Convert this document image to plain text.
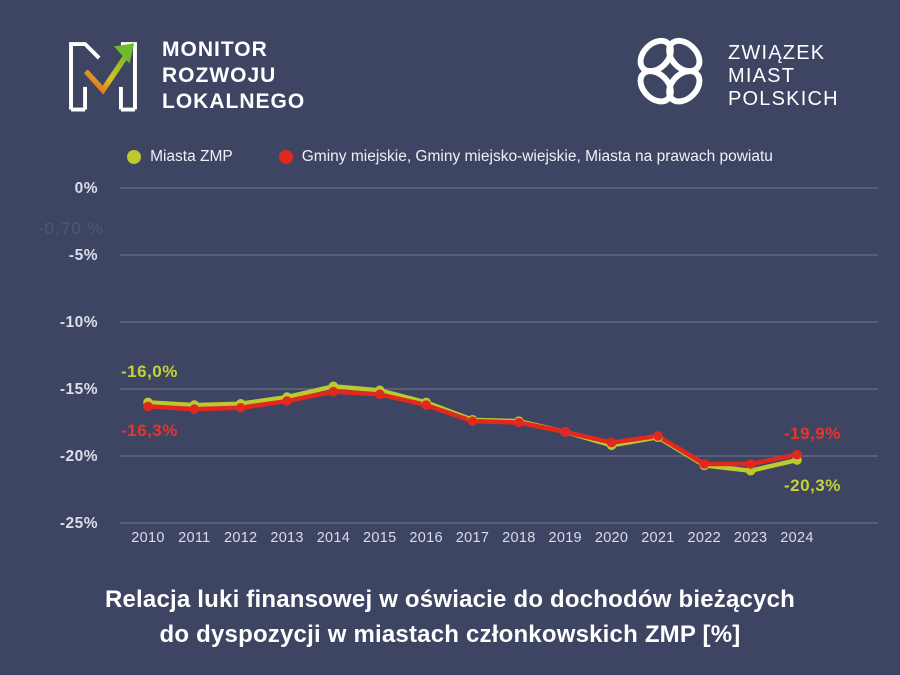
MONITOR
ROZWOJU
LOKALNEGO
ZWIĄZEK
MIAST
POLSKICH
Miasta ZMP	Gminy miejskie, Gminy miejsko-wiejskie, Miasta na prawach powiatu
0%
-5%
-10%
-15%
-20%
-25%
2010 2011 2012 2013 2014 2015 2016 2017 2018 2019 2020 2021 2022 2023 2024
-0,70 %
-16,0%
-16,3%	-19,9%
-20,3%
Relacja luki finansowej w oświacie do dochodów bieżących
do dyspozycji w miastach członkowskich ZMP [%]
